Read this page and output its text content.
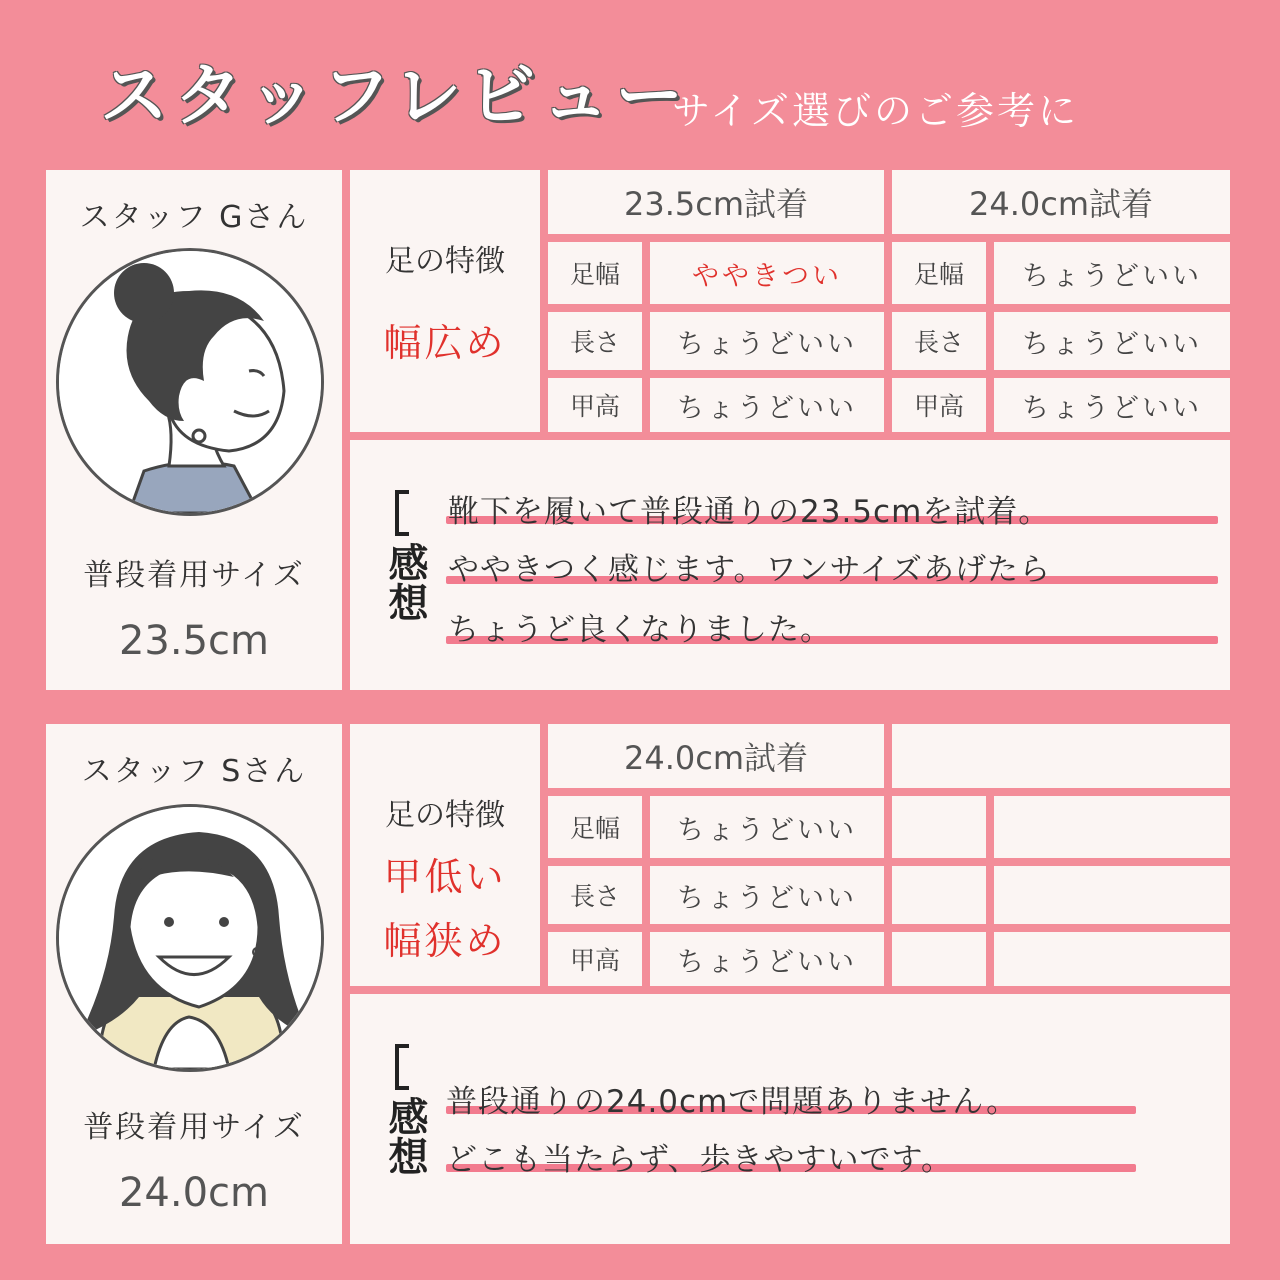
スタッフレビュー
サイズ選びのご参考に
スタッフ Gさん
普段着用サイズ
23.5cm
足の特徴
幅広め
23.5cm試着
足幅	ややきつい
長さ	ちょうどいい
甲高	ちょうどいい
24.0cm試着
足幅	ちょうどいい
長さ	ちょうどいい
甲高	ちょうどいい
感想
靴下を履いて普段通りの23.5cmを試着。
ややきつく感じます。ワンサイズあげたら
ちょうど良くなりました。
スタッフ Sさん
普段着用サイズ
24.0cm
足の特徴
甲低い
幅狭め
24.0cm試着
足幅	ちょうどいい
長さ	ちょうどいい
甲高	ちょうどいい
感想 普段通りの24.0cmで問題ありません。
どこも当たらず、歩きやすいです。
